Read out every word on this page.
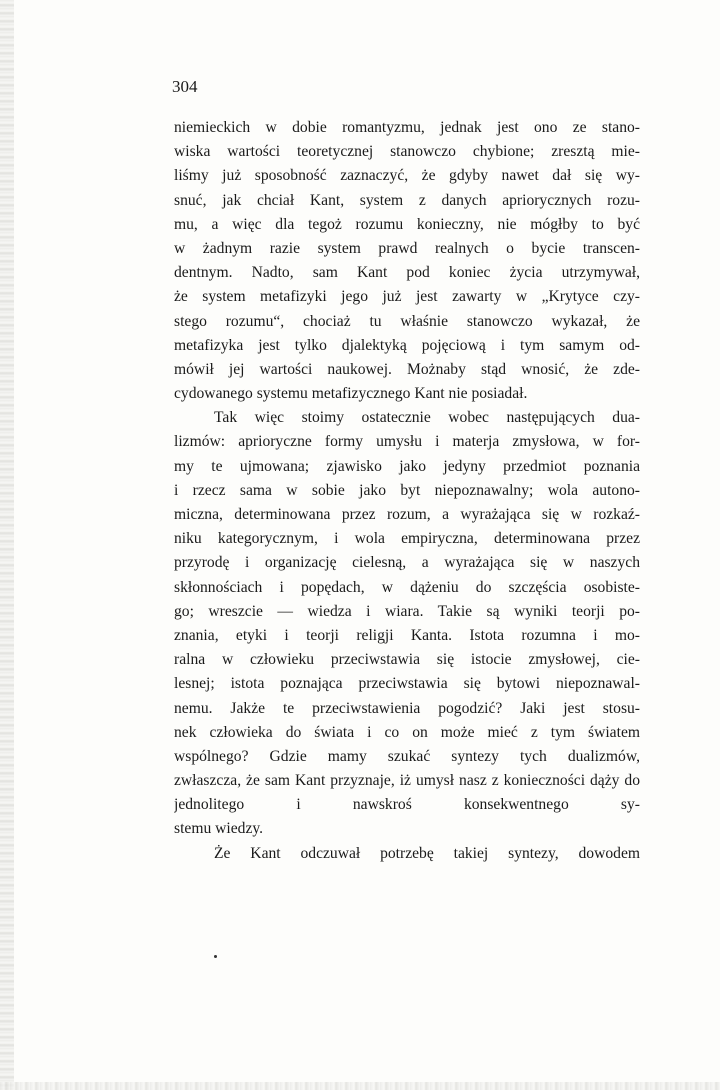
304
niemieckich w dobie romantyzmu, jednak jest ono ze stano-
wiska wartości teoretycznej stanowczo chybione; zresztą mie-
liśmy już sposobność zaznaczyć, że gdyby nawet dał się wy-
snuć, jak chciał Kant, system z danych apriorycznych rozu-
mu, a więc dla tegoż rozumu konieczny, nie mógłby to być
w żadnym razie system prawd realnych o bycie transcen-
dentnym. Nadto, sam Kant pod koniec życia utrzymywał,
że system metafizyki jego już jest zawarty w „Krytyce czy-
stego rozumu“, chociaż tu właśnie stanowczo wykazał, że
metafizyka jest tylko djalektyką pojęciową i tym samym od-
mówił jej wartości naukowej. Możnaby stąd wnosić, że zde-
cydowanego systemu metafizycznego Kant nie posiadał.
Tak więc stoimy ostatecznie wobec następujących dua-
lizmów: aprioryczne formy umysłu i materja zmysłowa, w for-
my te ujmowana; zjawisko jako jedyny przedmiot poznania
i rzecz sama w sobie jako byt niepoznawalny; wola autono-
miczna, determinowana przez rozum, a wyrażająca się w rozkaź-
niku kategorycznym, i wola empiryczna, determinowana przez
przyrodę i organizację cielesną, a wyrażająca się w naszych
skłonnościach i popędach, w dążeniu do szczęścia osobiste-
go; wreszcie — wiedza i wiara. Takie są wyniki teorji po-
znania, etyki i teorji religji Kanta. Istota rozumna i mo-
ralna w człowieku przeciwstawia się istocie zmysłowej, cie-
lesnej; istota poznająca przeciwstawia się bytowi niepoznawal-
nemu. Jakże te przeciwstawienia pogodzić? Jaki jest stosu-
nek człowieka do świata i co on może mieć z tym światem
wspólnego? Gdzie mamy szukać syntezy tych dualizmów,
zwłaszcza, że sam Kant przyznaje, iż umysł nasz z konieczności dąży do jednolitego i nawskroś konsekwentnego sy-
stemu wiedzy.
Że Kant odczuwał potrzebę takiej syntezy, dowodem
